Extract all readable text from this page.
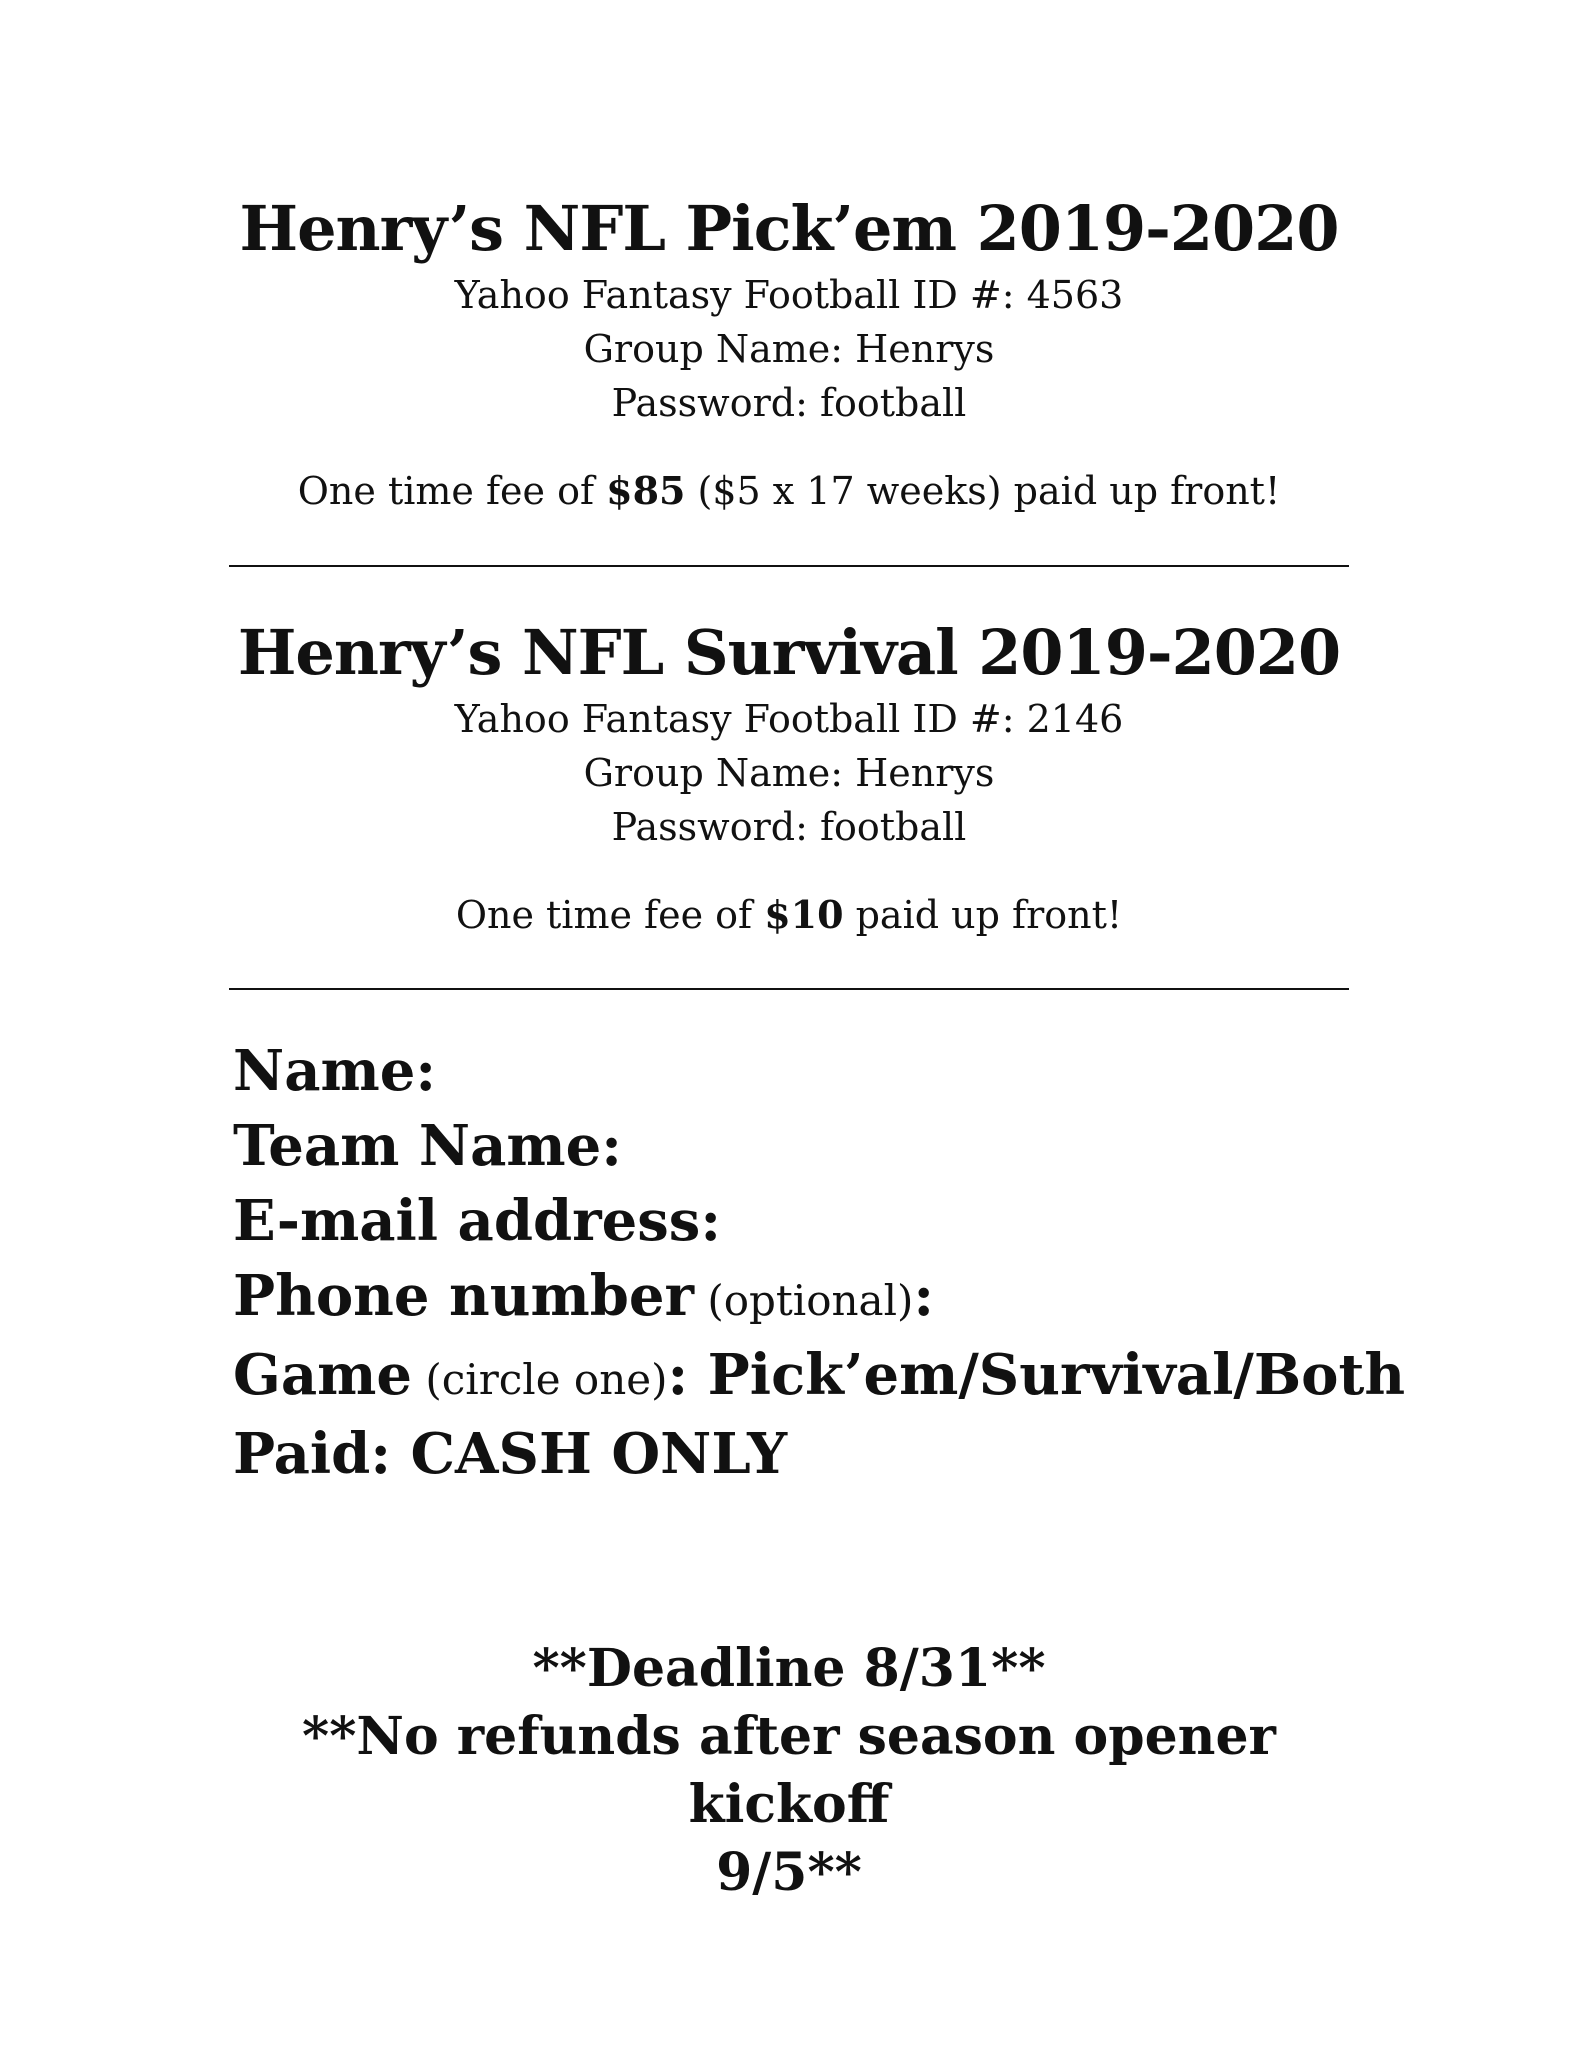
Henry’s NFL Pick’em 2019-2020

Yahoo Fantasy Football ID #: 4563

Group Name: Henrys

Password: football

One time fee of $85 ($5 x 17 weeks) paid up front!

Henry’s NFL Survival 2019-2020

Yahoo Fantasy Football ID #: 2146

Group Name: Henrys

Password: football

One time fee of $10 paid up front!

Name:

Team Name:

E-mail address:

Phone number (optional):

Game (circle one): Pick’em/Survival/Both

Paid: CASH ONLY

**Deadline 8/31**

**No refunds after season opener kickoff

9/5**
